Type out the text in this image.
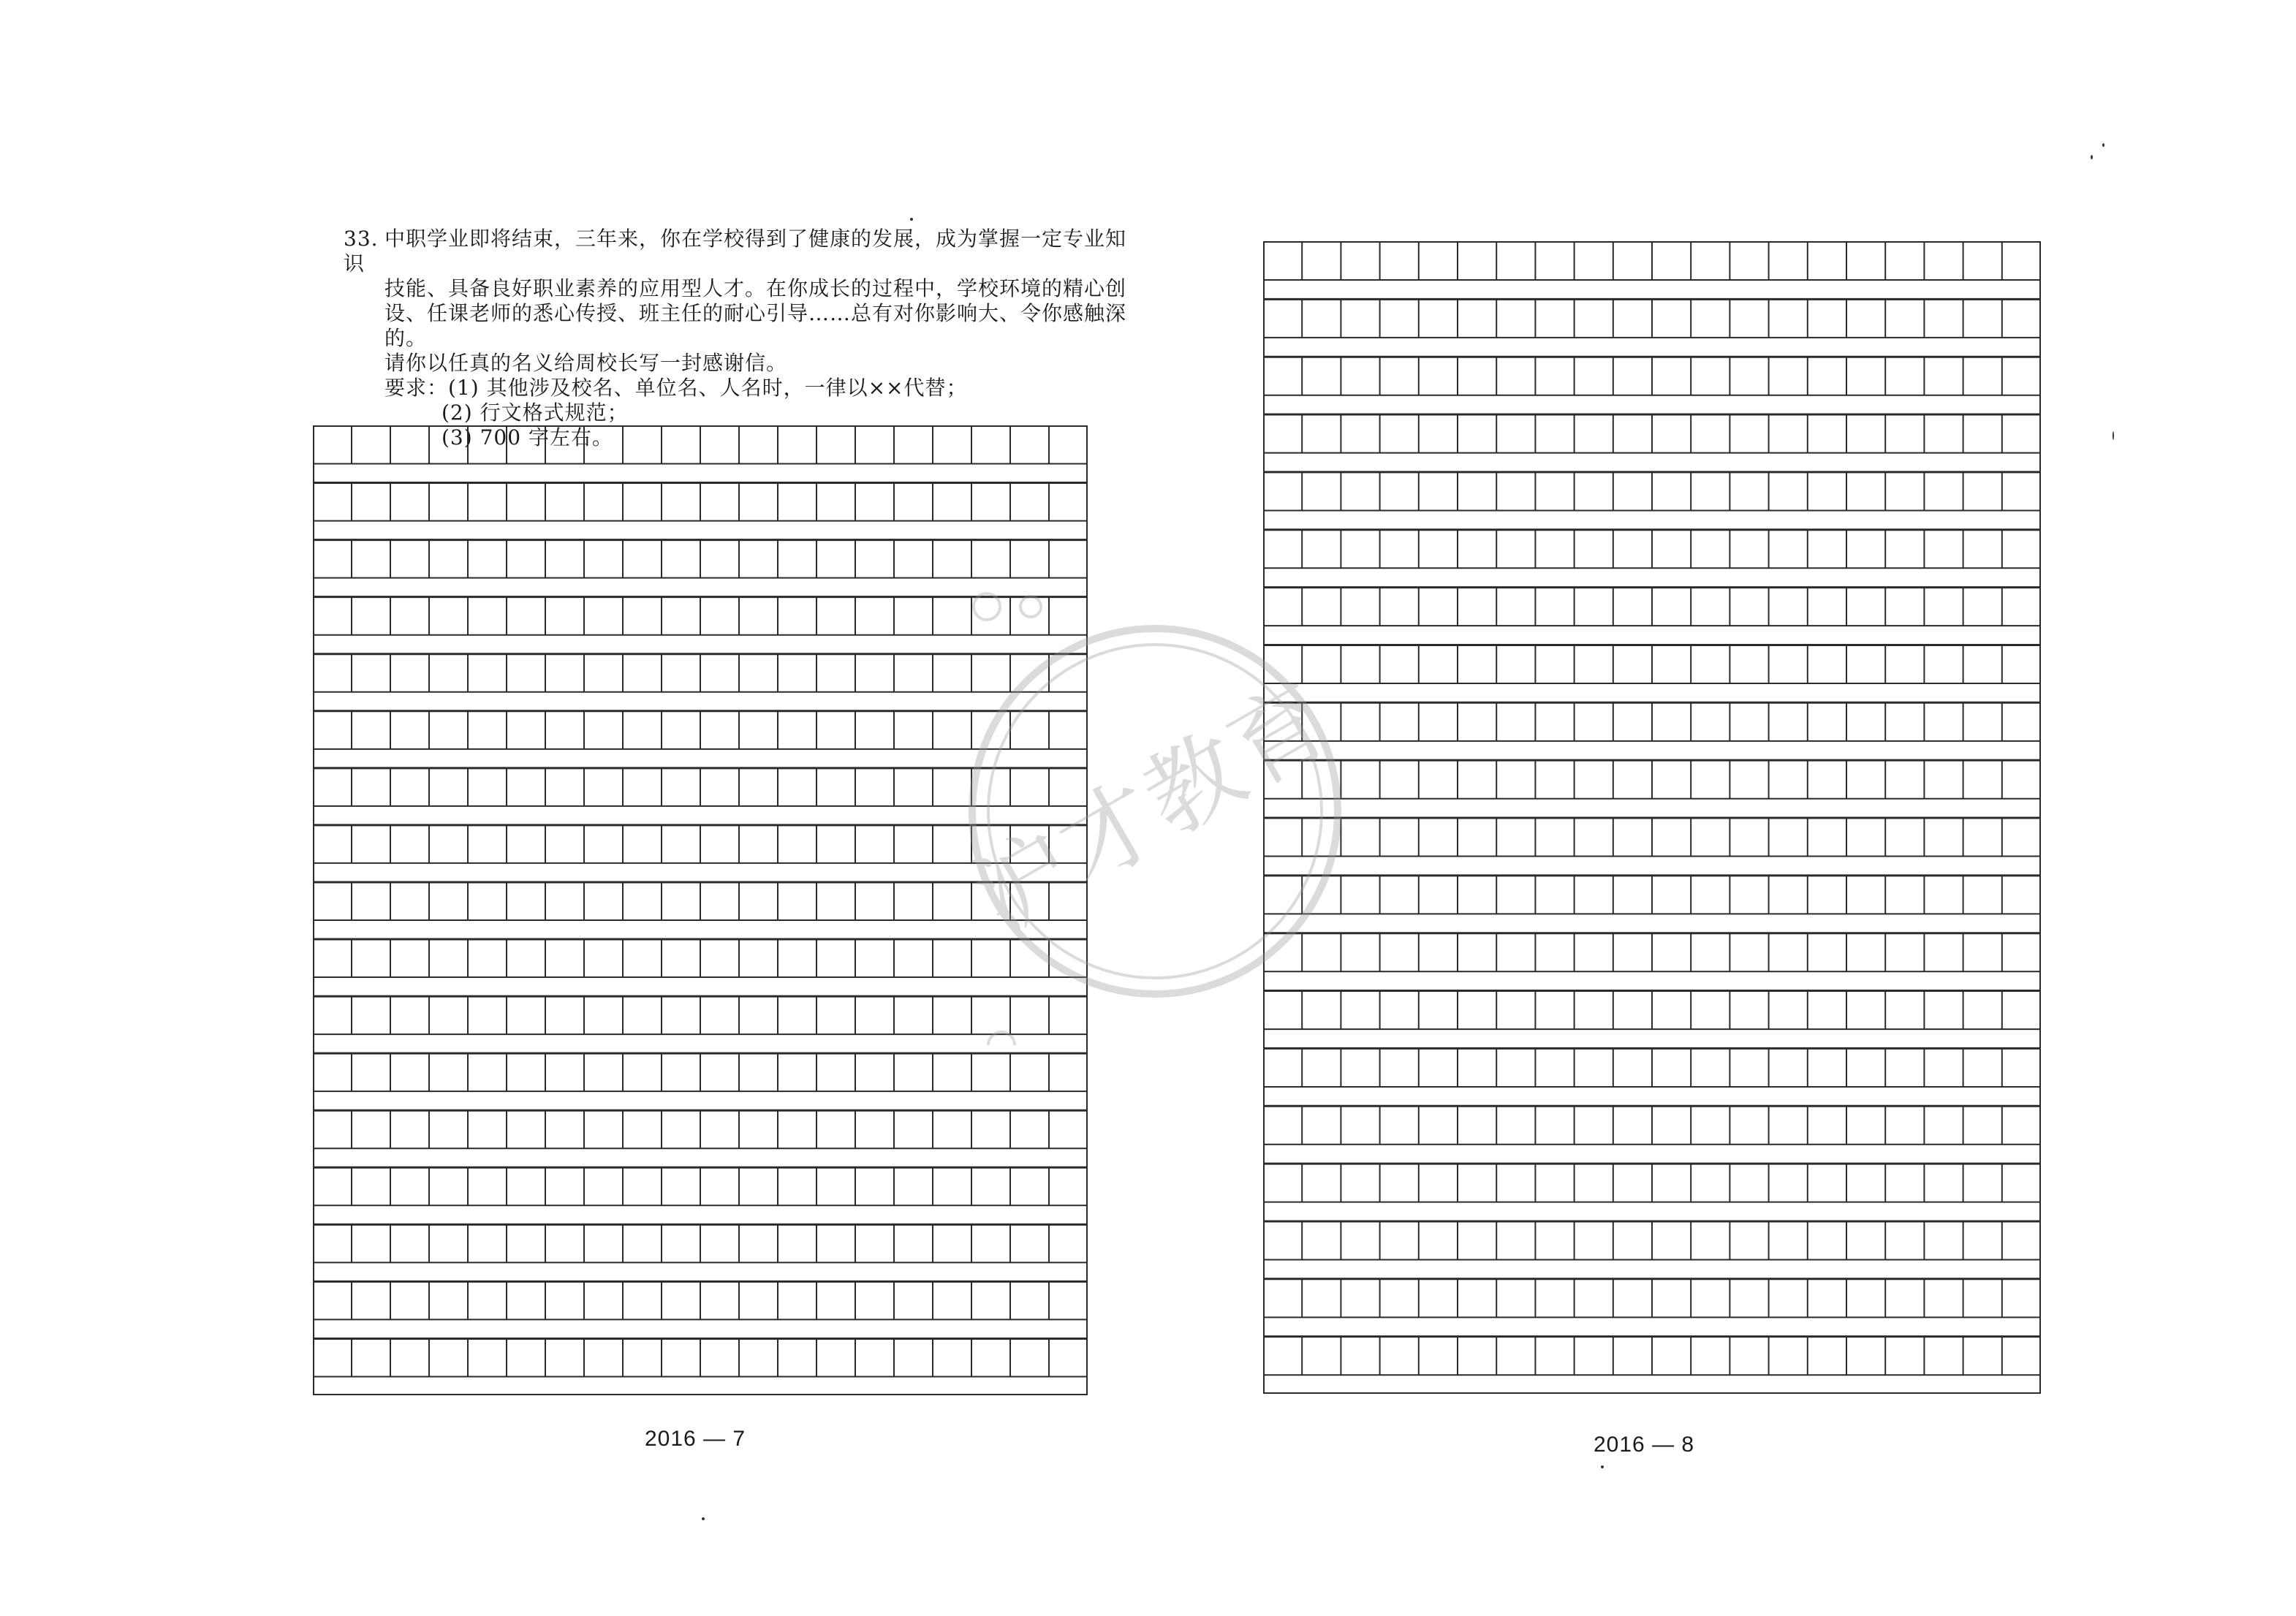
33. 中职学业即将结束，三年来，你在学校得到了健康的发展，成为掌握一定专业知识

技能、具备良好职业素养的应用型人才。在你成长的过程中，学校环境的精心创

设、任课老师的悉心传授、班主任的耐心引导……总有对你影响大、令你感触深的。

请你以任真的名义给周校长写一封感谢信。

要求：(1) 其他涉及校名、单位名、人名时，一律以××代替；

(2) 行文格式规范；

(3) 700 字左右。

沪才教育
2016 — 7	2016 — 8
